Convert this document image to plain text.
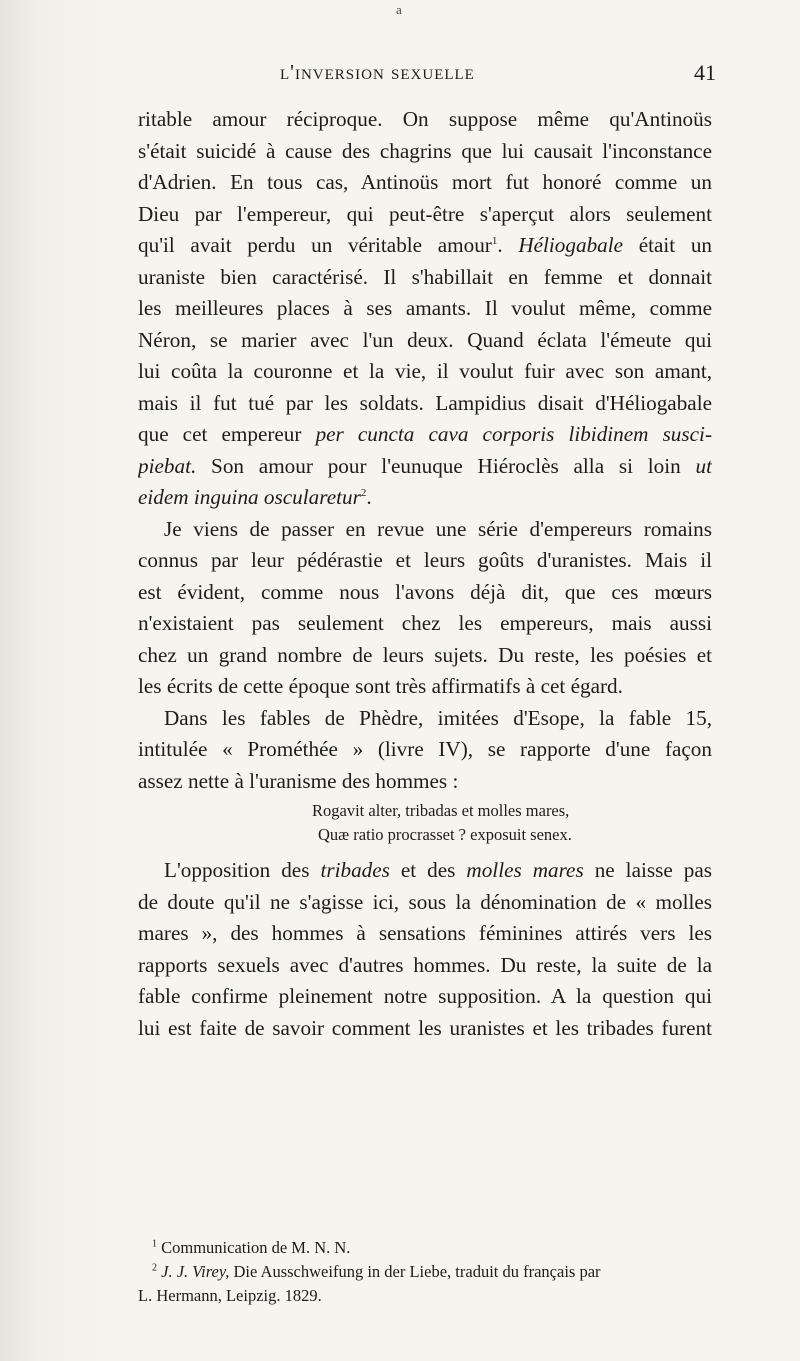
a
l'inversion sexuelle	41
ritable amour réciproque. On suppose même qu'Antinoüs
s'était suicidé à cause des chagrins que lui causait l'inconstance
d'Adrien. En tous cas, Antinoüs mort fut honoré comme un
Dieu par l'empereur, qui peut-être s'aperçut alors seulement
qu'il avait perdu un véritable amour$^1$. Héliogabale était un
uraniste bien caractérisé. Il s'habillait en femme et donnait
les meilleures places à ses amants. Il voulut même, comme
Néron, se marier avec l'un deux. Quand éclata l'émeute qui
lui coûta la couronne et la vie, il voulut fuir avec son amant,
mais il fut tué par les soldats. Lampidius disait d'Héliogabale
que cet empereur per cuncta cava corporis libidinem susci-
piebat. Son amour pour l'eunuque Hiéroclès alla si loin ut
eidem inguina oscularetur$^2$.
Je viens de passer en revue une série d'empereurs romains
connus par leur pédérastie et leurs goûts d'uranistes. Mais il
est évident, comme nous l'avons déjà dit, que ces mœurs
n'existaient pas seulement chez les empereurs, mais aussi
chez un grand nombre de leurs sujets. Du reste, les poésies et
les écrits de cette époque sont très affirmatifs à cet égard.
Dans les fables de Phèdre, imitées d'Esope, la fable 15,
intitulée « Prométhée » (livre IV), se rapporte d'une façon
assez nette à l'uranisme des hommes :
Rogavit alter, tribadas et molles mares,
Quæ ratio procrasset ? exposuit senex.
L'opposition des tribades et des molles mares ne laisse pas
de doute qu'il ne s'agisse ici, sous la dénomination de « molles
mares », des hommes à sensations féminines attirés vers les
rapports sexuels avec d'autres hommes. Du reste, la suite de la
fable confirme pleinement notre supposition. A la question qui
lui est faite de savoir comment les uranistes et les tribades furent
$^1$ Communication de M. N. N.
$^2$ J. J. Virey, Die Ausschweifung in der Liebe, traduit du français par
L. Hermann, Leipzig. 1829.
